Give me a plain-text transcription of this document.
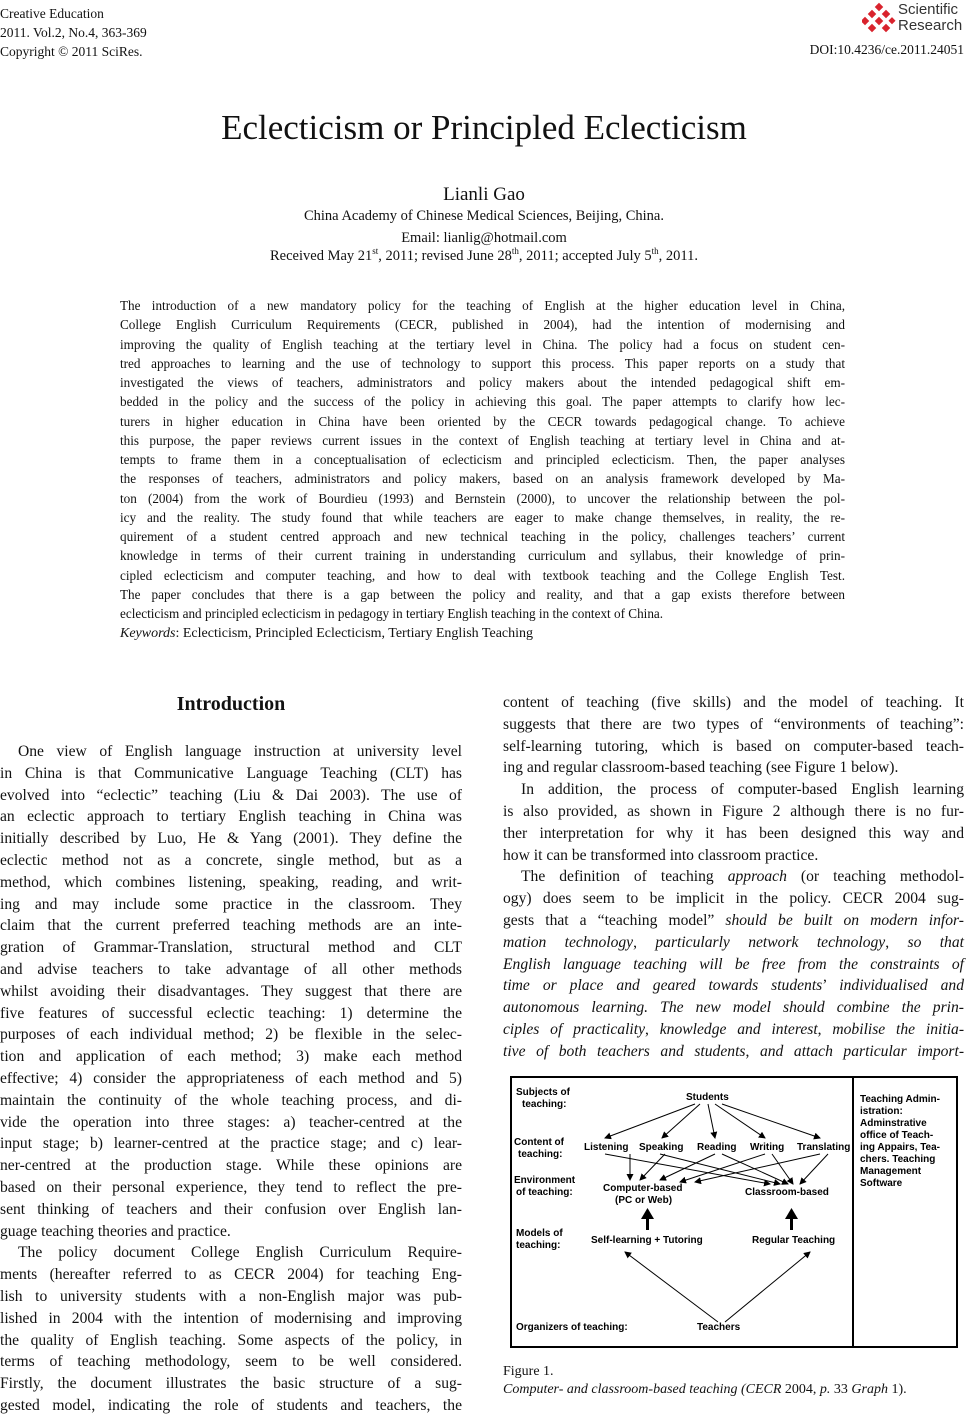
Creative Education
2011. Vol.2, No.4, 363-369
Copyright © 2011 SciRes.
Scientific
Research
DOI:10.4236/ce.2011.24051
Eclecticism or Principled Eclecticism
Lianli Gao
China Academy of Chinese Medical Sciences, Beijing, China.
Email: lianlig@hotmail.com
Received May 21st, 2011; revised June 28th, 2011; accepted July 5th, 2011.
The introduction of a new mandatory policy for the teaching of English at the higher education level in China,
College English Curriculum Requirements (CECR, published in 2004), had the intention of modernising and
improving the quality of English teaching at the tertiary level in China. The policy had a focus on student cen-
tred approaches to learning and the use of technology to support this process. This paper reports on a study that
investigated the views of teachers, administrators and policy makers about the intended pedagogical shift em-
bedded in the policy and the success of the policy in achieving this goal. The paper attempts to clarify how lec-
turers in higher education in China have been oriented by the CECR towards pedagogical change. To achieve
this purpose, the paper reviews current issues in the context of English teaching at tertiary level in China and at-
tempts to frame them in a conceptualisation of eclecticism and principled eclecticism. Then, the paper analyses
the responses of teachers, administrators and policy makers, based on an analysis framework developed by Ma-
ton (2004) from the work of Bourdieu (1993) and Bernstein (2000), to uncover the relationship between the pol-
icy and the reality. The study found that while teachers are eager to make change themselves, in reality, the re-
quirement of a student centred approach and new technical teaching in the policy, challenges teachers’ current
knowledge in terms of their current training in understanding curriculum and syllabus, their knowledge of prin-
cipled eclecticism and computer teaching, and how to deal with textbook teaching and the College English Test.
The paper concludes that there is a gap between the policy and reality, and that a gap exists therefore between
eclecticism and principled eclecticism in pedagogy in tertiary English teaching in the context of China.
Keywords: Eclecticism, Principled Eclecticism, Tertiary English Teaching
Introduction
One view of English language instruction at university level
in China is that Communicative Language Teaching (CLT) has
evolved into “eclectic” teaching (Liu & Dai 2003). The use of
an eclectic approach to tertiary English teaching in China was
initially described by Luo, He & Yang (2001). They define the
eclectic method not as a concrete, single method, but as a
method, which combines listening, speaking, reading, and writ-
ing and may include some practice in the classroom. They
claim that the current preferred teaching methods are an inte-
gration of Grammar-Translation, structural method and CLT
and advise teachers to take advantage of all other methods
whilst avoiding their disadvantages. They suggest that there are
five features of successful eclectic teaching: 1) determine the
purposes of each individual method; 2) be flexible in the selec-
tion and application of each method; 3) make each method
effective; 4) consider the appropriateness of each method and 5)
maintain the continuity of the whole teaching process, and di-
vide the operation into three stages: a) teacher-centred at the
input stage; b) learner-centred at the practice stage; and c) lear-
ner-centred at the production stage. While these opinions are
based on their personal experience, they tend to reflect the pre-
sent thinking of teachers and their confusion over English lan-
guage teaching theories and practice.
The policy document College English Curriculum Require-
ments (hereafter referred to as CECR 2004) for teaching Eng-
lish to university students with a non-English major was pub-
lished in 2004 with the intention of modernising and improving
the quality of English teaching. Some aspects of the policy, in
terms of teaching methodology, seem to be well considered.
Firstly, the document illustrates the basic structure of a sug-
gested model, indicating the role of students and teachers, the
content of teaching (five skills) and the model of teaching. It
suggests that there are two types of “environments of teaching”:
self-learning tutoring, which is based on computer-based teach-
ing and regular classroom-based teaching (see Figure 1 below).
In addition, the process of computer-based English learning
is also provided, as shown in Figure 2 although there is no fur-
ther interpretation for why it has been designed this way and
how it can be transformed into classroom practice.
The definition of teaching approach (or teaching methodol-
ogy) does seem to be implicit in the policy. CECR 2004 sug-
gests that a “teaching model” should be built on modern infor-
mation technology, particularly network technology, so that
English language teaching will be free from the constraints of
time or place and geared towards students’ individualised and
autonomous learning. The new model should combine the prin-
ciples of practicality, knowledge and interest, mobilise the initia-
tive of both teachers and students, and attach particular import-
Subjects of
teaching:
Content of
teaching:
Environment
of teaching:
Models of
teaching:
Organizers of teaching:
Students
Listening Speaking Reading Writing Translating
Computer-based
(PC or Web)
Classroom-based
Self-learning + Tutoring	Regular Teaching
Teachers
Teaching Admin-
istration:
Adminstrative
office of Teach-
ing Appairs, Tea-
chers. Teaching
Management
Software
Figure 1.
Computer- and classroom-based teaching (CECR 2004, p. 33 Graph 1).
